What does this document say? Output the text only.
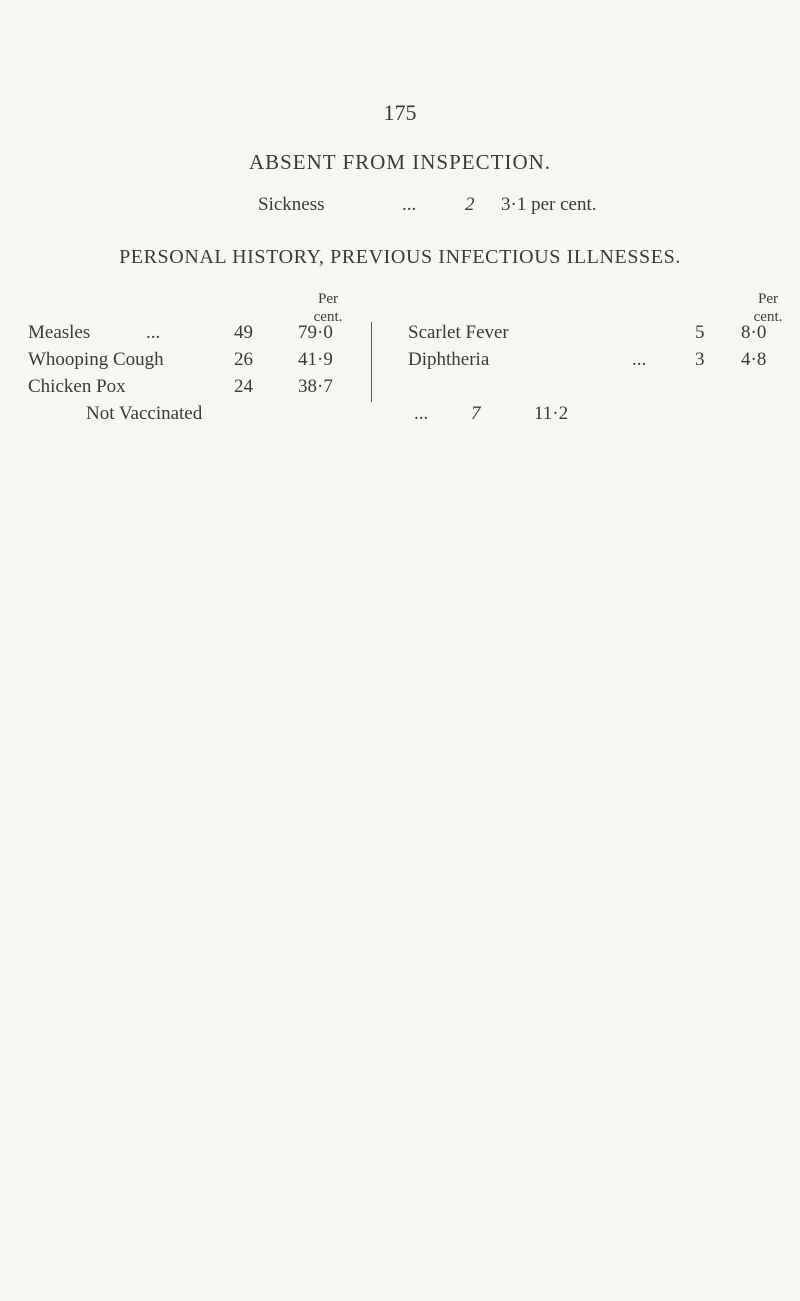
175
ABSENT FROM INSPECTION.
Sickness	...	2 3·1 per cent.
PERSONAL HISTORY, PREVIOUS INFECTIOUS ILLNESSES.
Per
cent.
Per
cent.
Measles	...	49 79·0
Whooping Cough	26 41·9
Chicken Pox	24 38·7
Scarlet Fever	5 8·0
Diphtheria	...	3 4·8
Not Vaccinated	... 7	11·2
